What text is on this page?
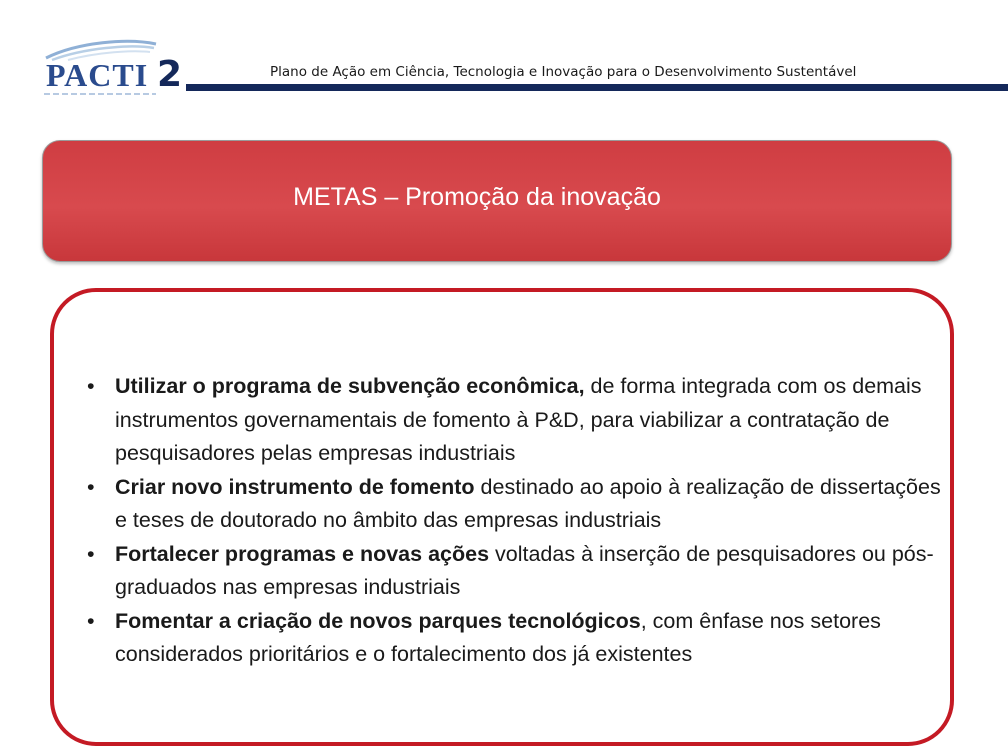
PACTI 2	Plano de Ação em Ciência, Tecnologia e Inovação para o Desenvolvimento Sustentável
METAS – Promoção da inovação
• Utilizar o programa de subvenção econômica, de forma integrada com os demais instrumentos governamentais de fomento à P&D, para viabilizar a contratação de pesquisadores pelas empresas industriais
• Criar novo instrumento de fomento destinado ao apoio à realização de dissertações e teses de doutorado no âmbito das empresas industriais
• Fortalecer programas e novas ações voltadas à inserção de pesquisadores ou pós-graduados nas empresas industriais
• Fomentar a criação de novos parques tecnológicos, com ênfase nos setores considerados prioritários e o fortalecimento dos já existentes
